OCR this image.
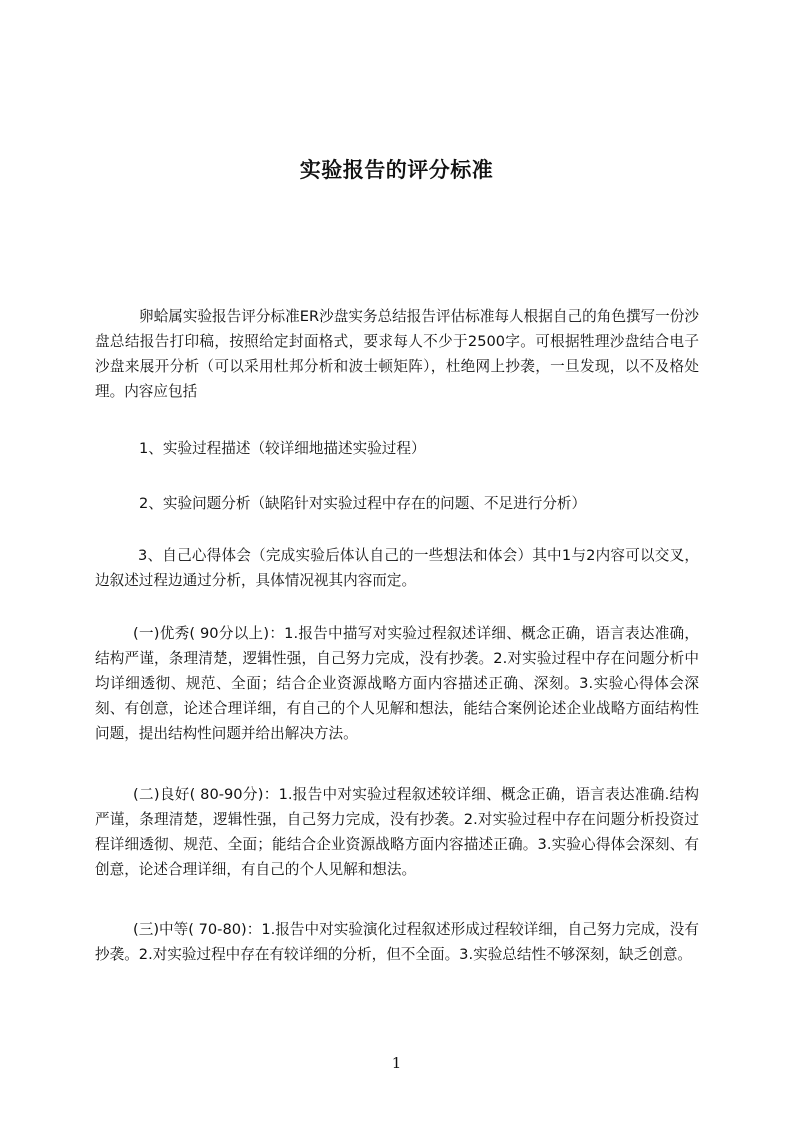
实验报告的评分标准

卵蛤属实验报告评分标准ER沙盘实务总结报告评估标准每人根据自己的角色撰写一份沙盘总结报告打印稿，按照给定封面格式，要求每人不少于2500字。可根据牲理沙盘结合电子沙盘来展开分析（可以采用杜邦分析和波士顿矩阵），杜绝网上抄袭，一旦发现，以不及格处理。内容应包括

1、实验过程描述（较详细地描述实验过程）

2、实验问题分析（缺陷针对实验过程中存在的问题、不足进行分析）

3、自己心得体会（完成实验后体认自己的一些想法和体会）其中1与2内容可以交叉，边叙述过程边通过分析，具体情况视其内容而定。

(一)优秀( 90分以上)：1.报告中描写对实验过程叙述详细、概念正确，语言表达准确，结构严谨，条理清楚，逻辑性强，自己努力完成，没有抄袭。2.对实验过程中存在问题分析中均详细透彻、规范、全面；结合企业资源战略方面内容描述正确、深刻。3.实验心得体会深刻、有创意，论述合理详细，有自己的个人见解和想法，能结合案例论述企业战略方面结构性问题，提出结构性问题并给出解决方法。

(二)良好( 80-90分)：1.报告中对实验过程叙述较详细、概念正确，语言表达准确.结构严谨，条理清楚，逻辑性强，自己努力完成，没有抄袭。2.对实验过程中存在问题分析投资过程详细透彻、规范、全面；能结合企业资源战略方面内容描述正确。3.实验心得体会深刻、有创意，论述合理详细，有自己的个人见解和想法。

(三)中等( 70-80)：1.报告中对实验演化过程叙述形成过程较详细，自己努力完成，没有抄袭。2.对实验过程中存在有较详细的分析，但不全面。3.实验总结性不够深刻，缺乏创意。

1
